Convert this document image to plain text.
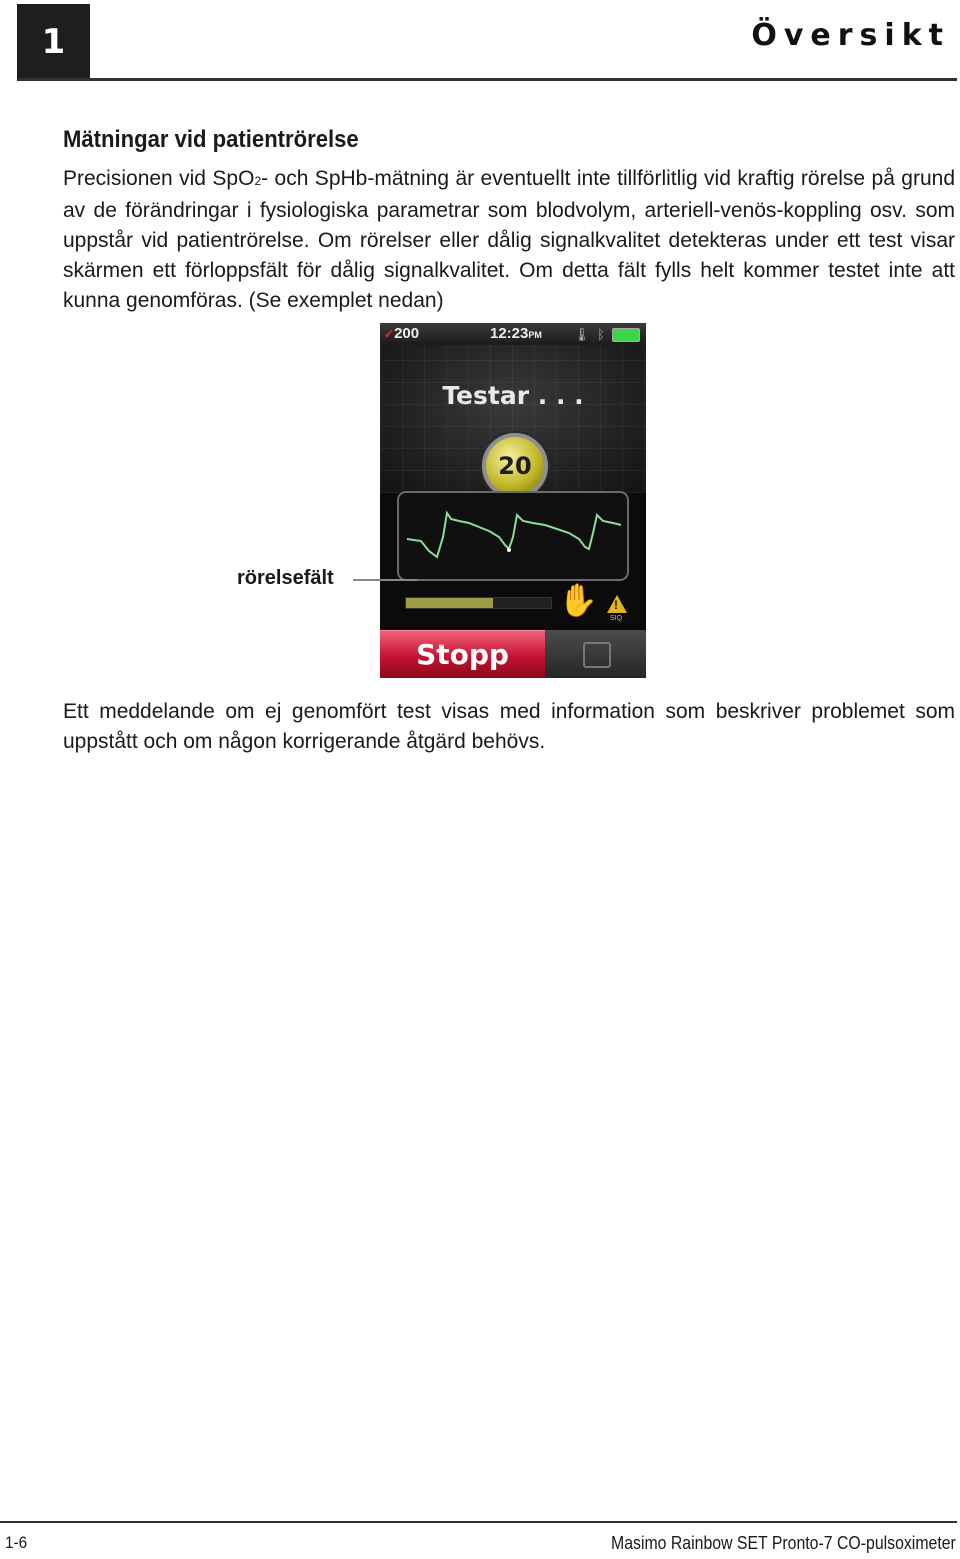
1	Översikt
Mätningar vid patientrörelse

Precisionen vid SpO2- och SpHb-mätning är eventuellt inte tillförlitlig vid kraftig rörelse på grund av de förändringar i fysiologiska parametrar som blodvolym, arteriell-venös-koppling osv. som uppstår vid patientrörelse. Om rörelser eller dålig signalkvalitet detekteras under ett test visar skärmen ett förloppsfält för dålig signalkvalitet. Om detta fält fylls helt kommer testet inte att kunna genomföras. (Se exemplet nedan)

✓200	12:23PM 🌡 ᛒ
Testar . . .
20
✋ !
SIQ
Stopp
rörelsefält

Ett meddelande om ej genomfört test visas med information som beskriver problemet som uppstått och om någon korrigerande åtgärd behövs.

1-6	Masimo Rainbow SET Pronto-7 CO-pulsoximeter
